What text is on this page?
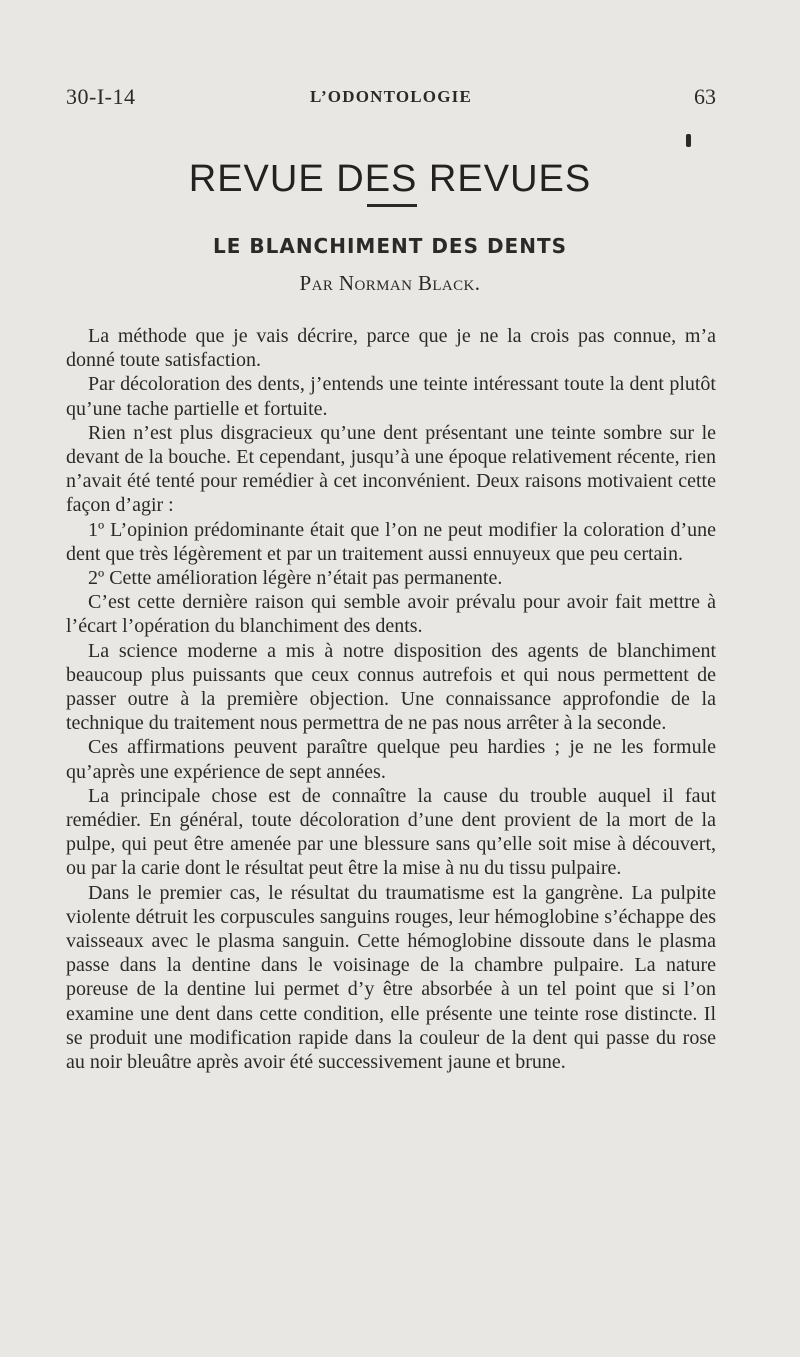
30-I-14	L’ODONTOLOGIE	63
REVUE DES REVUES
LE BLANCHIMENT DES DENTS
Par Norman Black.

La méthode que je vais décrire, parce que je ne la crois pas connue, m’a donné toute satisfaction.

Par décoloration des dents, j’entends une teinte intéressant toute la dent plutôt qu’une tache partielle et fortuite.

Rien n’est plus disgracieux qu’une dent présentant une teinte sombre sur le devant de la bouche. Et cependant, jusqu’à une époque relativement récente, rien n’avait été tenté pour remédier à cet inconvénient. Deux raisons motivaient cette façon d’agir :

1º L’opinion prédominante était que l’on ne peut modifier la coloration d’une dent que très légèrement et par un traitement aussi ennuyeux que peu certain.

2º Cette amélioration légère n’était pas permanente.

C’est cette dernière raison qui semble avoir prévalu pour avoir fait mettre à l’écart l’opération du blanchiment des dents.

La science moderne a mis à notre disposition des agents de blanchiment beaucoup plus puissants que ceux connus autrefois et qui nous permettent de passer outre à la première objection. Une connaissance approfondie de la technique du traitement nous permettra de ne pas nous arrêter à la seconde.

Ces affirmations peuvent paraître quelque peu hardies ; je ne les formule qu’après une expérience de sept années.

La principale chose est de connaître la cause du trouble auquel il faut remédier. En général, toute décoloration d’une dent provient de la mort de la pulpe, qui peut être amenée par une blessure sans qu’elle soit mise à découvert, ou par la carie dont le résultat peut être la mise à nu du tissu pulpaire.

Dans le premier cas, le résultat du traumatisme est la gangrène. La pulpite violente détruit les corpuscules sanguins rouges, leur hémoglobine s’échappe des vaisseaux avec le plasma sanguin. Cette hémoglobine dissoute dans le plasma passe dans la dentine dans le voisinage de la chambre pulpaire. La nature poreuse de la dentine lui permet d’y être absorbée à un tel point que si l’on examine une dent dans cette condition, elle présente une teinte rose distincte. Il se produit une modification rapide dans la couleur de la dent qui passe du rose au noir bleuâtre après avoir été successivement jaune et brune.
